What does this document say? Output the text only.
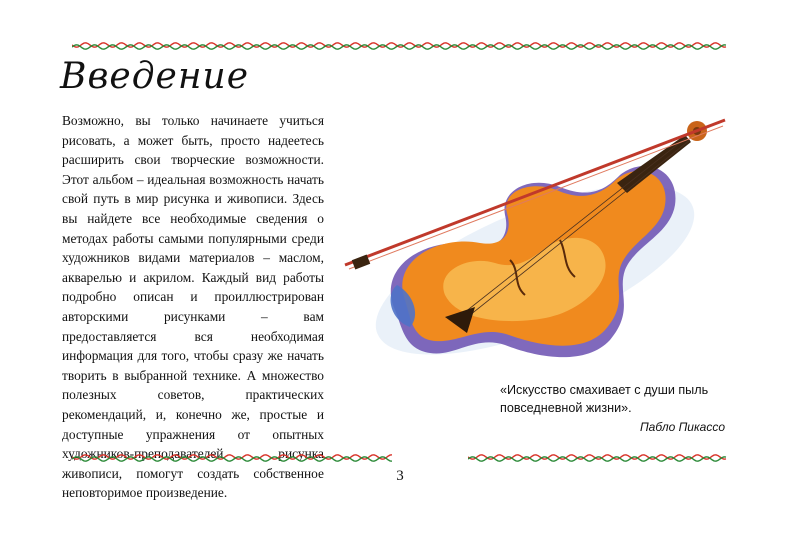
Введение
Возможно, вы только начинаете учиться рисовать, а может быть, просто надеетесь расширить свои творческие возможности. Этот альбом – идеальная возможность начать свой путь в мир рисунка и живописи. Здесь вы найдете все необходимые сведения о методах работы самыми популярными среди художников видами материалов – маслом, акварелью и акрилом. Каждый вид работы подробно описан и проиллюстрирован авторскими рисунками – вам предоставляется вся необходимая информация для того, чтобы сразу же начать творить в выбранной технике. А множество полезных советов, практических рекомендаций, и, конечно же, простые и доступные упражнения от опытных художников-преподавателей рисунка живописи, помогут создать собственное неповторимое произведение.
«Искусство смахивает с души пыль повседневной жизни».
Пабло Пикассо
3
